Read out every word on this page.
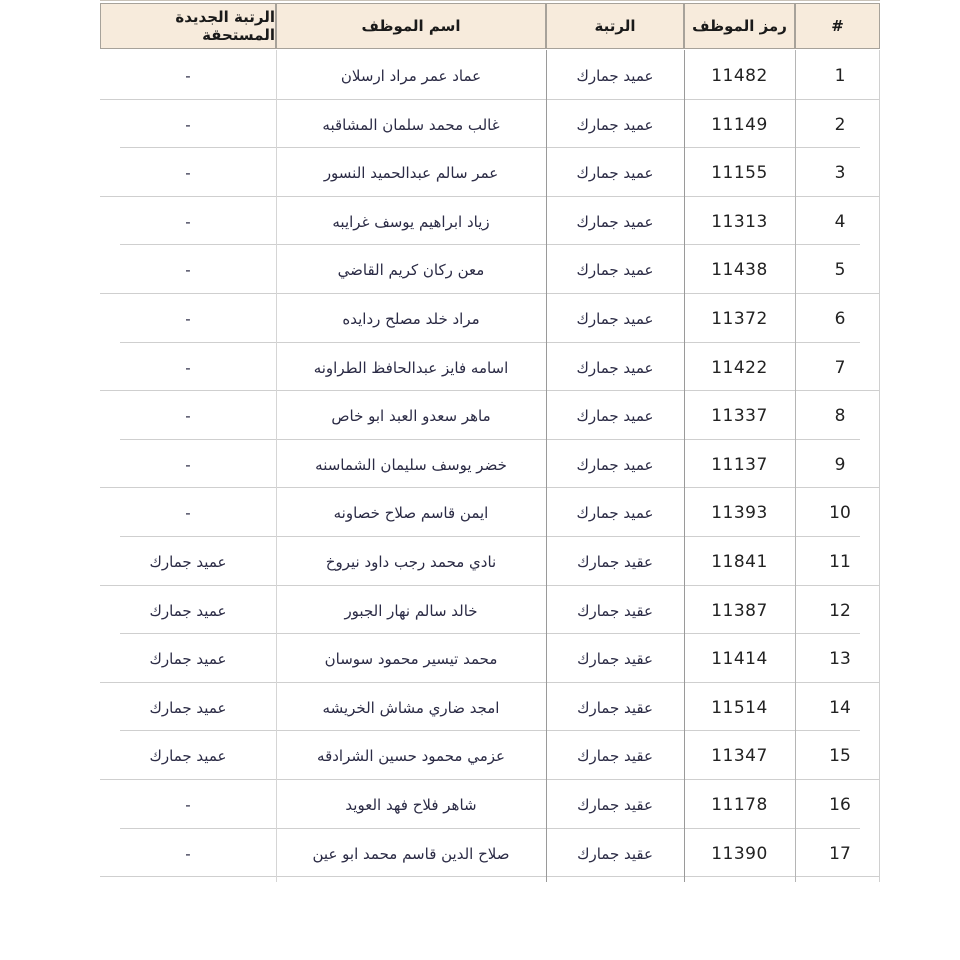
#
رمز الموظف
الرتبة
اسم الموظف
الرتبة الجديدة المستحقة
1
11482
عميد جمارك
عماد عمر مراد ارسلان
-
2
11149
عميد جمارك
غالب محمد سلمان المشاقبه
-
3
11155
عميد جمارك
عمر سالم عبدالحميد النسور
-
4
11313
عميد جمارك
زياد ابراهيم يوسف غرايبه
-
5
11438
عميد جمارك
معن ركان كريم القاضي
-
6
11372
عميد جمارك
مراد خلد مصلح ردايده
-
7
11422
عميد جمارك
اسامه فايز عبدالحافظ الطراونه
-
8
11337
عميد جمارك
ماهر سعدو العبد ابو خاص
-
9
11137
عميد جمارك
خضر يوسف سليمان الشماسنه
-
10
11393
عميد جمارك
ايمن قاسم صلاح خصاونه
-
11
11841
عقيد جمارك
نادي محمد رجب داود نيروخ
عميد جمارك
12
11387
عقيد جمارك
خالد سالم نهار الجبور
عميد جمارك
13
11414
عقيد جمارك
محمد تيسير محمود سوسان
عميد جمارك
14
11514
عقيد جمارك
امجد ضاري مشاش الخريشه
عميد جمارك
15
11347
عقيد جمارك
عزمي محمود حسين الشرادقه
عميد جمارك
16
11178
عقيد جمارك
شاهر فلاح فهد العويد
-
17
11390
عقيد جمارك
صلاح الدين قاسم محمد ابو عين
-
